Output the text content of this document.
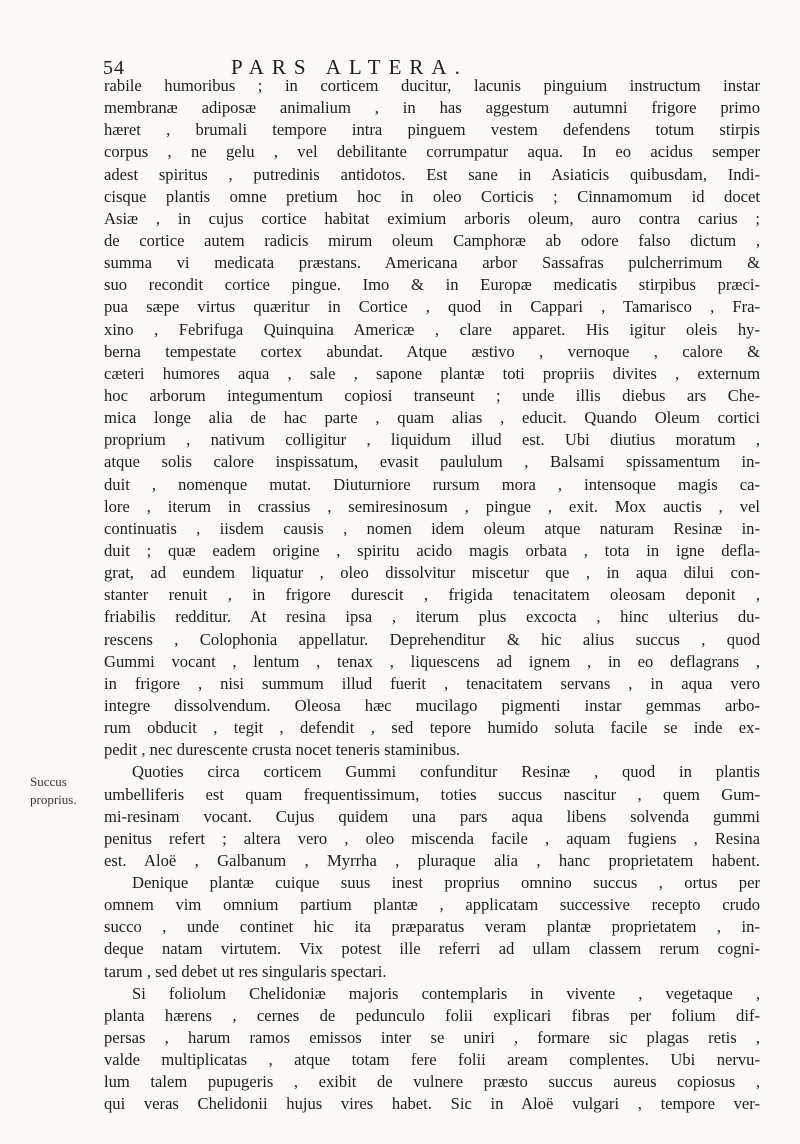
54	PARS ALTERA.
rabile humoribus ; in corticem ducitur, lacunis pinguium instructum instar
membranæ adiposæ animalium , in has aggestum autumni frigore primo
hæret , brumali tempore intra pinguem vestem defendens totum stirpis
corpus , ne gelu , vel debilitante corrumpatur aqua. In eo acidus semper
adest spiritus , putredinis antidotos. Est sane in Asiaticis quibusdam, Indi-
cisque plantis omne pretium hoc in oleo Corticis ; Cinnamomum id docet
Asiæ , in cujus cortice habitat eximium arboris oleum, auro contra carius ;
de cortice autem radicis mirum oleum Camphoræ ab odore falso dictum ,
summa vi medicata præstans. Americana arbor Sassafras pulcherrimum &
suo recondit cortice pingue. Imo & in Europæ medicatis stirpibus præci-
pua sæpe virtus quæritur in Cortice , quod in Cappari , Tamarisco , Fra-
xino , Febrifuga Quinquina Americæ , clare apparet. His igitur oleis hy-
berna tempestate cortex abundat. Atque æstivo , vernoque , calore &
cæteri humores aqua , sale , sapone plantæ toti propriis divites , externum
hoc arborum integumentum copiosi transeunt ; unde illis diebus ars Che-
mica longe alia de hac parte , quam alias , educit. Quando Oleum cortici
proprium , nativum colligitur , liquidum illud est. Ubi diutius moratum ,
atque solis calore inspissatum, evasit paululum , Balsami spissamentum in-
duit , nomenque mutat. Diuturniore rursum mora , intensoque magis ca-
lore , iterum in crassius , semiresinosum , pingue , exit. Mox auctis , vel
continuatis , iisdem causis , nomen idem oleum atque naturam Resinæ in-
duit ; quæ eadem origine , spiritu acido magis orbata , tota in igne defla-
grat, ad eundem liquatur , oleo dissolvitur miscetur que , in aqua dilui con-
stanter renuit , in frigore durescit , frigida tenacitatem oleosam deponit ,
friabilis redditur. At resina ipsa , iterum plus excocta , hinc ulterius du-
rescens , Colophonia appellatur. Deprehenditur & hic alius succus , quod
Gummi vocant , lentum , tenax , liquescens ad ignem , in eo deflagrans ,
in frigore , nisi summum illud fuerit , tenacitatem servans , in aqua vero
integre dissolvendum. Oleosa hæc mucilago pigmenti instar gemmas arbo-
rum obducit , tegit , defendit , sed tepore humido soluta facile se inde ex-
pedit , nec durescente crusta nocet teneris staminibus.
Quoties circa corticem Gummi confunditur Resinæ , quod in plantis
umbelliferis est quam frequentissimum, toties succus nascitur , quem Gum-
mi-resinam vocant. Cujus quidem una pars aqua libens solvenda gummi
penitus refert ; altera vero , oleo miscenda facile , aquam fugiens , Resina
est. Aloë , Galbanum , Myrrha , pluraque alia , hanc proprietatem habent.
Denique plantæ cuique suus inest proprius omnino succus , ortus per
omnem vim omnium partium plantæ , applicatam successive recepto crudo
succo , unde continet hic ita præparatus veram plantæ proprietatem , in-
deque natam virtutem. Vix potest ille referri ad ullam classem rerum cogni-
tarum , sed debet ut res singularis spectari.
Si foliolum Chelidoniæ majoris contemplaris in vivente , vegetaque ,
planta hærens , cernes de pedunculo folii explicari fibras per folium dif-
persas , harum ramos emissos inter se uniri , formare sic plagas retis ,
valde multiplicatas , atque totam fere folii aream complentes. Ubi nervu-
lum talem pupugeris , exibit de vulnere præsto succus aureus copiosus ,
qui veras Chelidonii hujus vires habet. Sic in Aloë vulgari , tempore ver-
Succus proprius.
